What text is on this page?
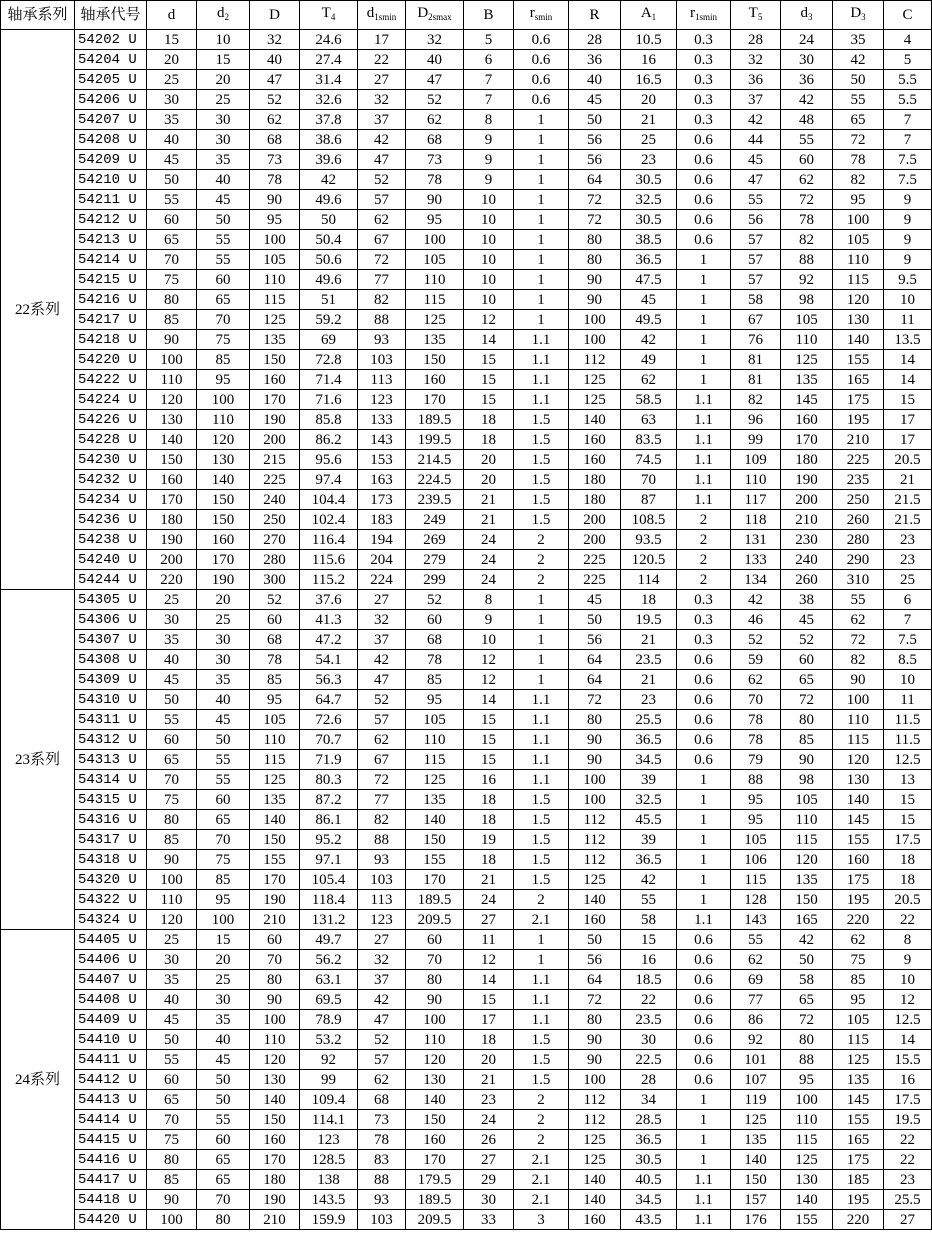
轴承系列	轴承代号	d	$d_2$	D	$T_4$	$d_{1smin}$	$D_{2smax}$	B	$r_{smin}$	R	$A_1$	$r_{1smin}$	$T_5$	$d_3$	$D_3$	C
22系列	54202 U	15	10	32	24.6	17	32	5	0.6	28	10.5	0.3	28	24	35	4
	54204 U	20	15	40	27.4	22	40	6	0.6	36	16	0.3	32	30	42	5
	54205 U	25	20	47	31.4	27	47	7	0.6	40	16.5	0.3	36	36	50	5.5
	54206 U	30	25	52	32.6	32	52	7	0.6	45	20	0.3	37	42	55	5.5
	54207 U	35	30	62	37.8	37	62	8	1	50	21	0.3	42	48	65	7
	54208 U	40	30	68	38.6	42	68	9	1	56	25	0.6	44	55	72	7
	54209 U	45	35	73	39.6	47	73	9	1	56	23	0.6	45	60	78	7.5
	54210 U	50	40	78	42	52	78	9	1	64	30.5	0.6	47	62	82	7.5
	54211 U	55	45	90	49.6	57	90	10	1	72	32.5	0.6	55	72	95	9
	54212 U	60	50	95	50	62	95	10	1	72	30.5	0.6	56	78	100	9
	54213 U	65	55	100	50.4	67	100	10	1	80	38.5	0.6	57	82	105	9
	54214 U	70	55	105	50.6	72	105	10	1	80	36.5	1	57	88	110	9
	54215 U	75	60	110	49.6	77	110	10	1	90	47.5	1	57	92	115	9.5
	54216 U	80	65	115	51	82	115	10	1	90	45	1	58	98	120	10
	54217 U	85	70	125	59.2	88	125	12	1	100	49.5	1	67	105	130	11
	54218 U	90	75	135	69	93	135	14	1.1	100	42	1	76	110	140	13.5
	54220 U	100	85	150	72.8	103	150	15	1.1	112	49	1	81	125	155	14
	54222 U	110	95	160	71.4	113	160	15	1.1	125	62	1	81	135	165	14
	54224 U	120	100	170	71.6	123	170	15	1.1	125	58.5	1.1	82	145	175	15
	54226 U	130	110	190	85.8	133	189.5	18	1.5	140	63	1.1	96	160	195	17
	54228 U	140	120	200	86.2	143	199.5	18	1.5	160	83.5	1.1	99	170	210	17
	54230 U	150	130	215	95.6	153	214.5	20	1.5	160	74.5	1.1	109	180	225	20.5
	54232 U	160	140	225	97.4	163	224.5	20	1.5	180	70	1.1	110	190	235	21
	54234 U	170	150	240	104.4	173	239.5	21	1.5	180	87	1.1	117	200	250	21.5
	54236 U	180	150	250	102.4	183	249	21	1.5	200	108.5	2	118	210	260	21.5
	54238 U	190	160	270	116.4	194	269	24	2	200	93.5	2	131	230	280	23
	54240 U	200	170	280	115.6	204	279	24	2	225	120.5	2	133	240	290	23
	54244 U	220	190	300	115.2	224	299	24	2	225	114	2	134	260	310	25
23系列	54305 U	25	20	52	37.6	27	52	8	1	45	18	0.3	42	38	55	6
	54306 U	30	25	60	41.3	32	60	9	1	50	19.5	0.3	46	45	62	7
	54307 U	35	30	68	47.2	37	68	10	1	56	21	0.3	52	52	72	7.5
	54308 U	40	30	78	54.1	42	78	12	1	64	23.5	0.6	59	60	82	8.5
	54309 U	45	35	85	56.3	47	85	12	1	64	21	0.6	62	65	90	10
	54310 U	50	40	95	64.7	52	95	14	1.1	72	23	0.6	70	72	100	11
	54311 U	55	45	105	72.6	57	105	15	1.1	80	25.5	0.6	78	80	110	11.5
	54312 U	60	50	110	70.7	62	110	15	1.1	90	36.5	0.6	78	85	115	11.5
	54313 U	65	55	115	71.9	67	115	15	1.1	90	34.5	0.6	79	90	120	12.5
	54314 U	70	55	125	80.3	72	125	16	1.1	100	39	1	88	98	130	13
	54315 U	75	60	135	87.2	77	135	18	1.5	100	32.5	1	95	105	140	15
	54316 U	80	65	140	86.1	82	140	18	1.5	112	45.5	1	95	110	145	15
	54317 U	85	70	150	95.2	88	150	19	1.5	112	39	1	105	115	155	17.5
	54318 U	90	75	155	97.1	93	155	18	1.5	112	36.5	1	106	120	160	18
	54320 U	100	85	170	105.4	103	170	21	1.5	125	42	1	115	135	175	18
	54322 U	110	95	190	118.4	113	189.5	24	2	140	55	1	128	150	195	20.5
	54324 U	120	100	210	131.2	123	209.5	27	2.1	160	58	1.1	143	165	220	22
24系列	54405 U	25	15	60	49.7	27	60	11	1	50	15	0.6	55	42	62	8
	54406 U	30	20	70	56.2	32	70	12	1	56	16	0.6	62	50	75	9
	54407 U	35	25	80	63.1	37	80	14	1.1	64	18.5	0.6	69	58	85	10
	54408 U	40	30	90	69.5	42	90	15	1.1	72	22	0.6	77	65	95	12
	54409 U	45	35	100	78.9	47	100	17	1.1	80	23.5	0.6	86	72	105	12.5
	54410 U	50	40	110	53.2	52	110	18	1.5	90	30	0.6	92	80	115	14
	54411 U	55	45	120	92	57	120	20	1.5	90	22.5	0.6	101	88	125	15.5
	54412 U	60	50	130	99	62	130	21	1.5	100	28	0.6	107	95	135	16
	54413 U	65	50	140	109.4	68	140	23	2	112	34	1	119	100	145	17.5
	54414 U	70	55	150	114.1	73	150	24	2	112	28.5	1	125	110	155	19.5
	54415 U	75	60	160	123	78	160	26	2	125	36.5	1	135	115	165	22
	54416 U	80	65	170	128.5	83	170	27	2.1	125	30.5	1	140	125	175	22
	54417 U	85	65	180	138	88	179.5	29	2.1	140	40.5	1.1	150	130	185	23
	54418 U	90	70	190	143.5	93	189.5	30	2.1	140	34.5	1.1	157	140	195	25.5
	54420 U	100	80	210	159.9	103	209.5	33	3	160	43.5	1.1	176	155	220	27
